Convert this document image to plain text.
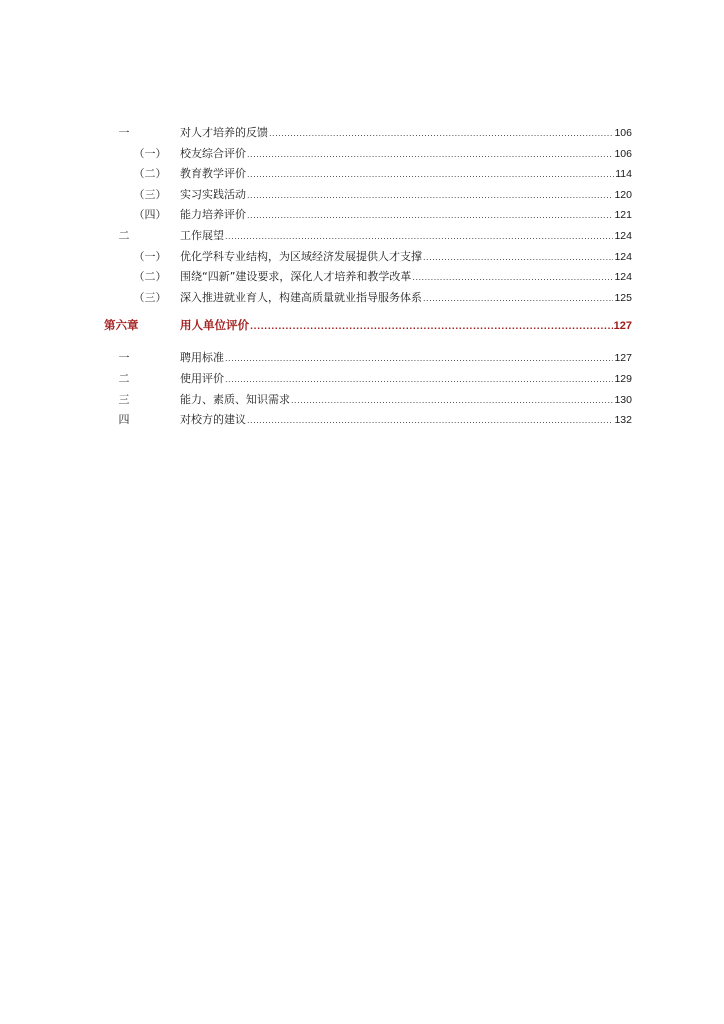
一	对人才培养的反馈 .....	106
（一）	校友综合评价 .....	106
（二）	教育教学评价 .....	114
（三）	实习实践活动 .....	120
（四）	能力培养评价 .....	121
二	工作展望 .....	124
（一）	优化学科专业结构，为区域经济发展提供人才支撑 .....	124
（二）	围绕“四新”建设要求，深化人才培养和教学改革 .....	124
（三）	深入推进就业育人，构建高质量就业指导服务体系 .....	125
第六章	用人单位评价 .....	127
一	聘用标准 .....	127
二	使用评价 .....	129
三	能力、素质、知识需求 .....	130
四	对校方的建议 .....	132
